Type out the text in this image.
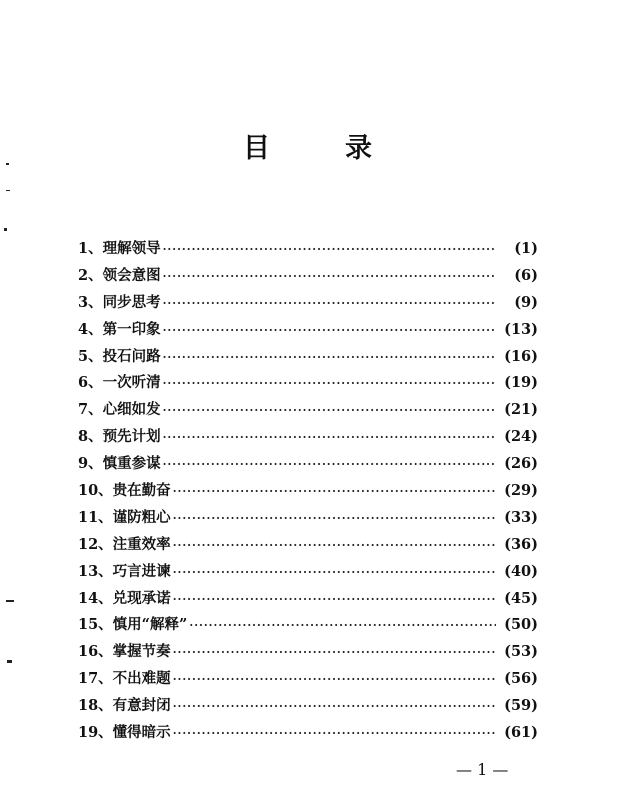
目	录
1、理解领导 ·····	(1)
2、领会意图 ·····	(6)
3、同步思考 ·····	(9)
4、第一印象 ·····	(13)
5、投石问路 ·····	(16)
6、一次听清 ·····	(19)
7、心细如发 ·····	(21)
8、预先计划 ·····	(24)
9、慎重参谋 ·····	(26)
10、贵在勤奋 ·····	(29)
11、谨防粗心 ·····	(33)
12、注重效率 ·····	(36)
13、巧言进谏 ·····	(40)
14、兑现承诺 ·····	(45)
15、慎用“解释” ·····	(50)
16、掌握节奏 ·····	(53)
17、不出难题 ·····	(56)
18、有意封闭 ·····	(59)
19、懂得暗示 ·····	(61)
— 1 —
